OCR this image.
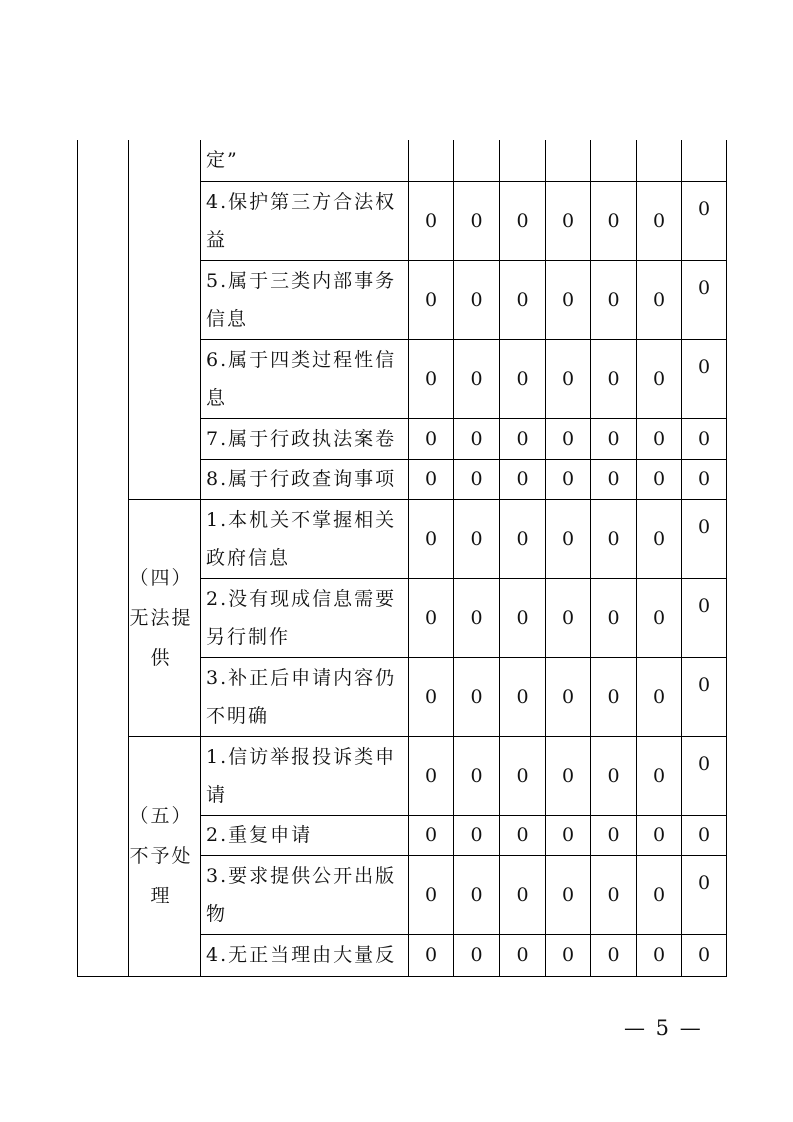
		定”							
		4.保护第三方合法权益	0	0	0	0	0	0	0
		5.属于三类内部事务信息	0	0	0	0	0	0	0
		6.属于四类过程性信息	0	0	0	0	0	0	0
		7.属于行政执法案卷	0	0	0	0	0	0	0
		8.属于行政查询事项	0	0	0	0	0	0	0
	（四）无法提供	1.本机关不掌握相关政府信息	0	0	0	0	0	0	0
		2.没有现成信息需要另行制作	0	0	0	0	0	0	0
		3.补正后申请内容仍不明确	0	0	0	0	0	0	0
	（五）不予处理	1.信访举报投诉类申请	0	0	0	0	0	0	0
		2.重复申请	0	0	0	0	0	0	0
		3.要求提供公开出版物	0	0	0	0	0	0	0
		4.无正当理由大量反	0	0	0	0	0	0	0
— 5 —
